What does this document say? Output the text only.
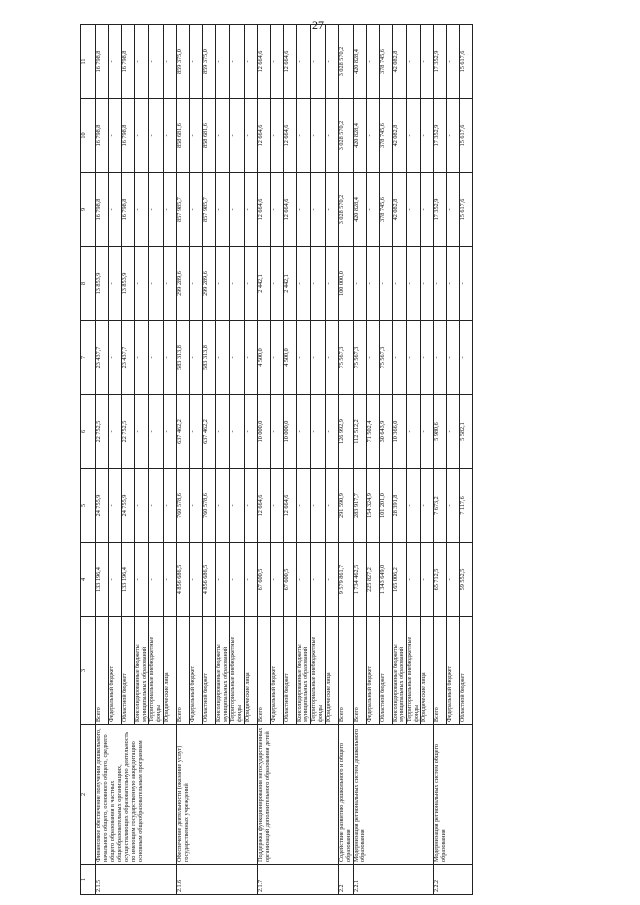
27
1	2	3	4	5	6	7	8	9	10	11
2.1.5	Финансовое обеспечение получения дошкольного, начального общего, основного общего, среднего общего образования в частных общеобразовательных организациях, осуществляющих образовательную деятельность по имеющим государственную аккредитацию основным общеобразовательным программам	Всего	133 196,4	24 755,9	22 752,5	23 437,7	13 853,9	16 798,8	16 798,8	16 798,8
		Федеральный бюджет	-	-	-	-	-	-	-	-
		Областной бюджет	133 196,4	24 755,9	22 752,5	23 437,7	13 853,9	16 798,8	16 798,8	16 798,8
		Консолидированные бюджеты муниципальных образований	-	-	-	-	-	-	-	-
		Территориальные внебюджетные фонды	-	-	-	-	-	-	-	-
		Юридические лица	-	-	-	-	-	-	-	-
2.1.6	Обеспечение деятельности (оказание услуг) государственных учреждений	Всего	4 856 686,5	760 578,6	637 462,2	583 313,8	299 289,6	857 985,7	858 681,6	859 375,0
		Федеральный бюджет	-	-	-	-	-	-	-	-
		Областной бюджет	4 856 686,5	760 578,6	637 462,2	583 313,8	299 289,6	857 985,7	858 681,6	859 375,0
		Консолидированные бюджеты муниципальных образований	-	-	-	-	-	-	-	-
		Территориальные внебюджетные фонды	-	-	-	-	-	-	-	-
		Юридические лица	-	-	-	-	-	-	-	-
2.1.7	Поддержка функционирования негосударственных организаций дополнительного образования детей	Всего	67 600,5	12 664,6	10 000,0	4 500,0	2 442,1	12 664,6	12 664,6	12 664,6
		Федеральный бюджет	-	-	-	-	-	-	-	-
		Областной бюджет	67 600,5	12 664,6	10 000,0	4 500,0	2 442,1	12 664,6	12 664,6	12 664,6
		Консолидированные бюджеты муниципальных образований	-	-	-	-	-	-	-	-
		Территориальные внебюджетные фонды	-	-	-	-	-	-	-	-
		Юридические лица	-	-	-	-	-	-	-	-
2.2	Содействие развитию дошкольного и общего образования	Всего	9 579 861,7	291 590,9	126 992,9	75 567,3	100 000,0	3 028 570,2	3 028 570,2	3 028 570,2
2.2.1	Модернизация региональных систем дошкольного образования	Всего	1 734 462,5	283 917,7	112 512,2	75 567,3	-	420 828,4	420 828,4	420 828,4
		Федеральный бюджет	225 827,2	154 324,9	71 502,4	-	-	-	-	-
		Областной бюджет	1 343 649,0	101 201,0	30 643,9	75 567,3	-	378 745,6	378 745,6	378 745,6
		Консолидированные бюджеты муниципальных образований	165 006,2	28 391,8	10 366,0	-	-	42 082,8	42 082,8	42 082,8
		Территориальные внебюджетные фонды	-	-	-	-	-	-	-	-
		Юридические лица	-	-	-	-	-	-	-	-
2.2.2	Модернизация региональных систем общего образования	Всего	65 712,5	7 673,2	5 980,6	-	-	17 352,9	17 352,9	17 352,9
		Федеральный бюджет	-	-	-	-	-	-	-	-
		Областной бюджет	59 552,5	7 117,6	5 582,1	-	-	15 617,6	15 617,6	15 617,6
